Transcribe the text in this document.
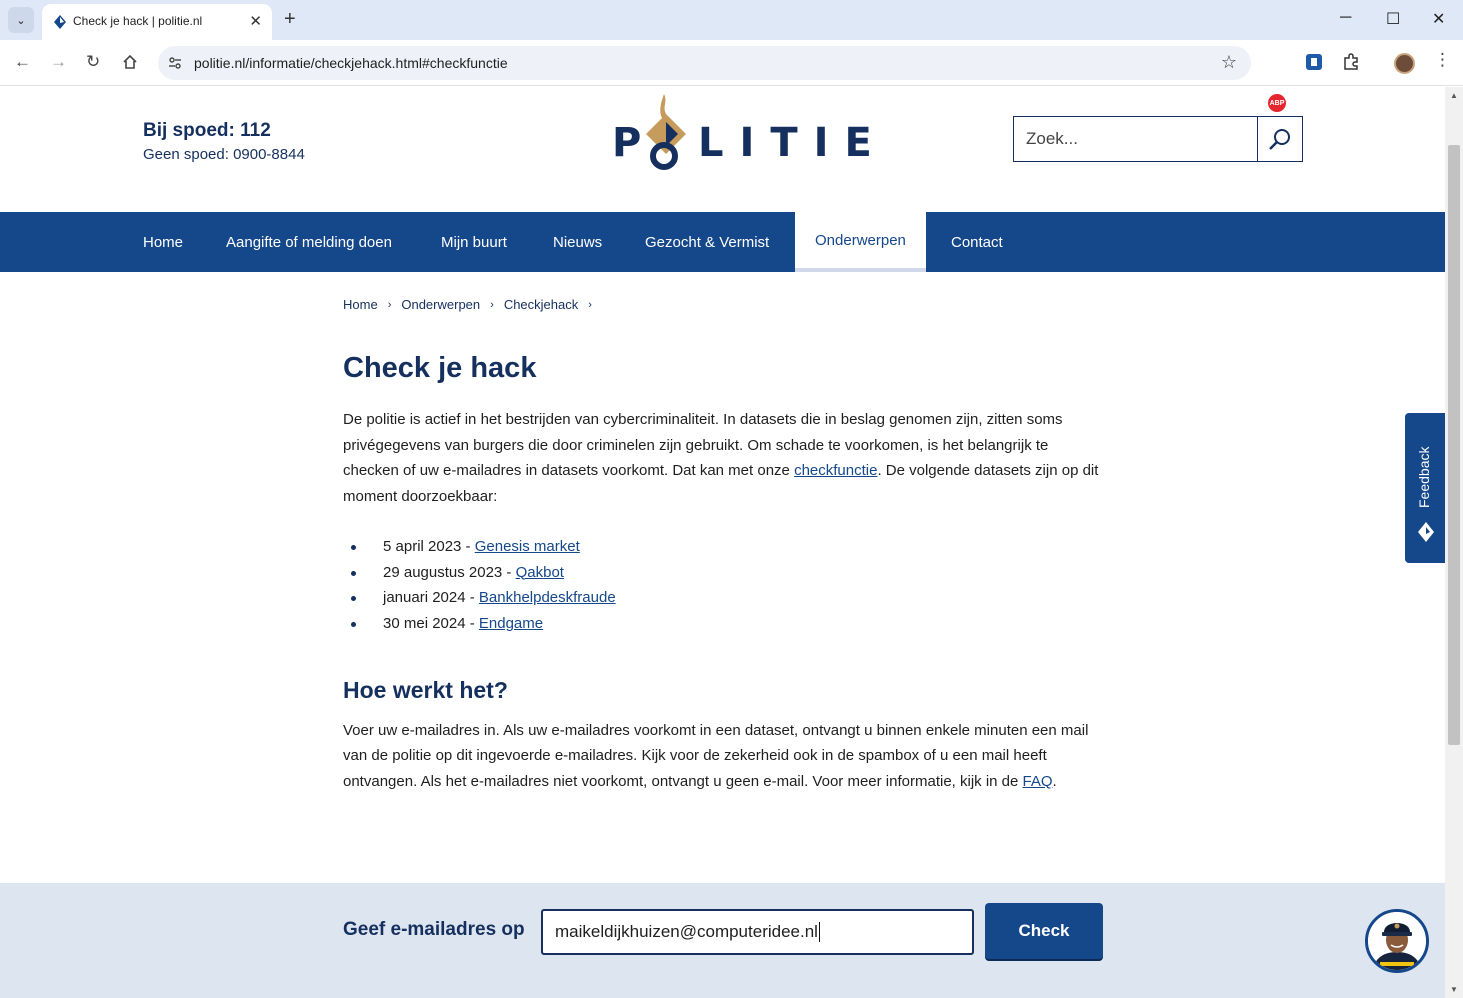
⌄	Check je hack | politie.nl	✕ +	─ ☐ ✕
← → ↻	politie.nl/informatie/checkjehack.html#checkfunctie	☆
ABP
⋮
▲
▼
Bij spoed: 112
Geen spoed: 0900-8844	P LITIE
Zoek...
Home	Aangifte of melding doen	Mijn buurt	Nieuws	Gezocht & Vermist	Onderwerpen	Contact
Home › Onderwerpen › Checkjehack ›
Check je hack

De politie is actief in het bestrijden van cybercriminaliteit. In datasets die in beslag genomen zijn, zitten soms privégegevens van burgers die door criminelen zijn gebruikt. Om schade te voorkomen, is het belangrijk te checken of uw e-mailadres in datasets voorkomt. Dat kan met onze checkfunctie. De volgende datasets zijn op dit moment doorzoekbaar:

5 april 2023 - Genesis market
29 augustus 2023 - Qakbot
januari 2024 - Bankhelpdeskfraude
30 mei 2024 - Endgame
Hoe werkt het?

Voer uw e-mailadres in. Als uw e-mailadres voorkomt in een dataset, ontvangt u binnen enkele minuten een mail van de politie op dit ingevoerde e-mailadres. Kijk voor de zekerheid ook in de spambox of u een mail heeft ontvangen. Als het e-mailadres niet voorkomt, ontvangt u geen e-mail. Voor meer informatie, kijk in de FAQ.

Feedback
Geef e-mailadres op maikeldijkhuizen@computeridee.nl	Check
